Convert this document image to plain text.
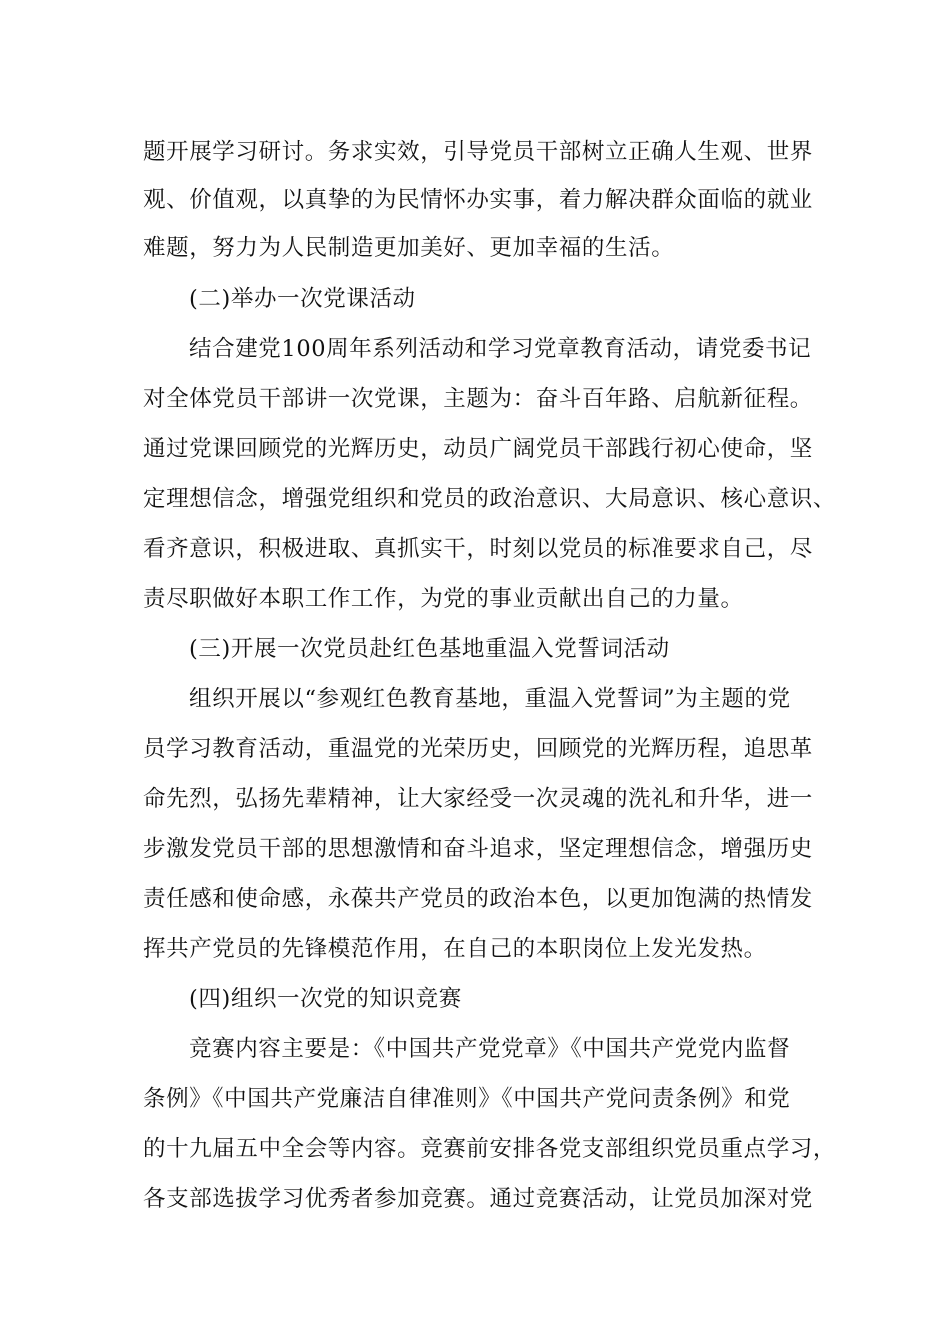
题开展学习研讨。务求实效，引导党员干部树立正确人生观、世界
观、价值观，以真挚的为民情怀办实事，着力解决群众面临的就业
难题，努力为人民制造更加美好、更加幸福的生活。
(二)举办一次党课活动
结合建党100周年系列活动和学习党章教育活动，请党委书记
对全体党员干部讲一次党课，主题为：奋斗百年路、启航新征程。
通过党课回顾党的光辉历史，动员广阔党员干部践行初心使命，坚
定理想信念，增强党组织和党员的政治意识、大局意识、核心意识、
看齐意识，积极进取、真抓实干，时刻以党员的标准要求自己，尽
责尽职做好本职工作工作，为党的事业贡献出自己的力量。
(三)开展一次党员赴红色基地重温入党誓词活动
组织开展以“参观红色教育基地，重温入党誓词”为主题的党
员学习教育活动，重温党的光荣历史，回顾党的光辉历程，追思革
命先烈，弘扬先辈精神，让大家经受一次灵魂的洗礼和升华，进一
步激发党员干部的思想激情和奋斗追求，坚定理想信念，增强历史
责任感和使命感，永葆共产党员的政治本色，以更加饱满的热情发
挥共产党员的先锋模范作用，在自己的本职岗位上发光发热。
(四)组织一次党的知识竞赛
竞赛内容主要是：《中国共产党党章》《中国共产党党内监督
条例》《中国共产党廉洁自律准则》《中国共产党问责条例》和党
的十九届五中全会等内容。竞赛前安排各党支部组织党员重点学习，
各支部选拔学习优秀者参加竞赛。通过竞赛活动，让党员加深对党
